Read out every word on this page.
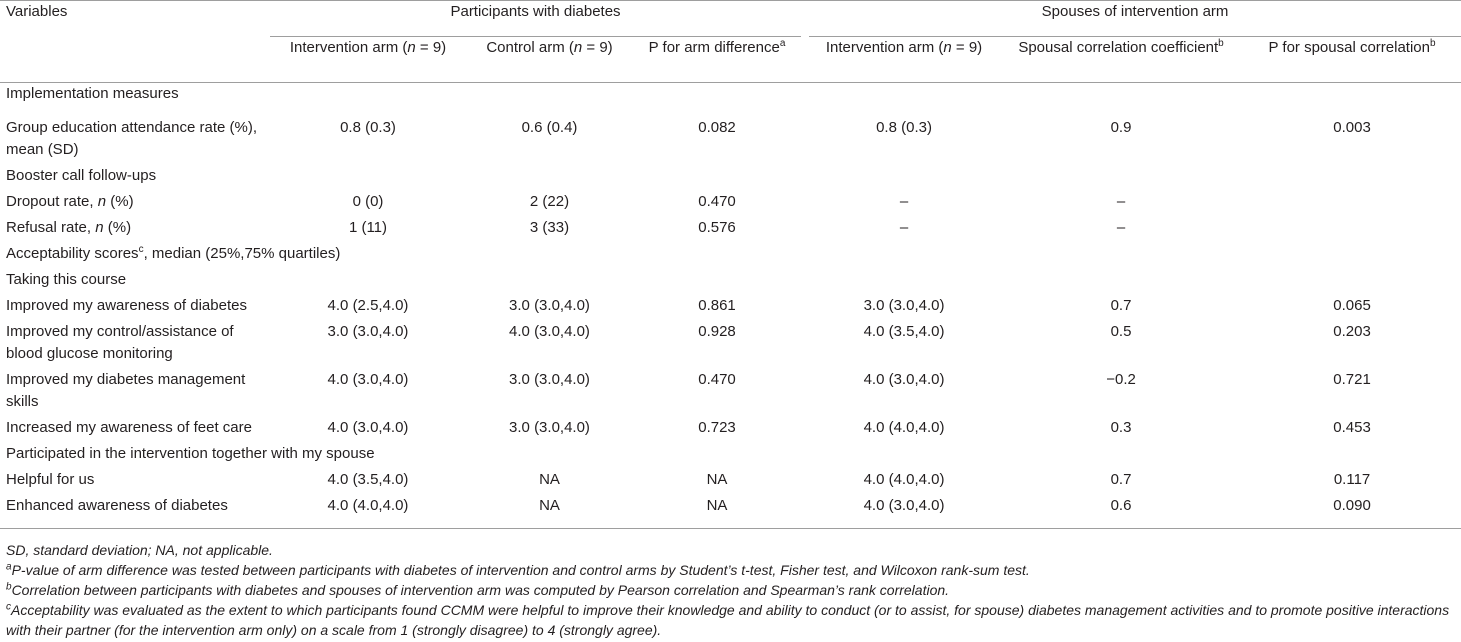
Variables	Participants with diabetes				Spouses of intervention arm		
	Intervention arm (n = 9)	Control arm (n = 9)	P for arm difference$^a$		Intervention arm (n = 9)	Spousal correlation coefficient$^b$	P for spousal correlation$^b$
Implementation measures							
Group education attendance rate (%),
mean (SD)	0.8 (0.3)	0.6 (0.4)	0.082		0.8 (0.3)	0.9	0.003
Booster call follow-ups							
Dropout rate, n (%)	0 (0)	2 (22)	0.470		–	–	
Refusal rate, n (%)	1 (11)	3 (33)	0.576		–	–	
Acceptability scores$^c$, median (25%,75% quartiles)							
Taking this course							
Improved my awareness of diabetes	4.0 (2.5,4.0)	3.0 (3.0,4.0)	0.861		3.0 (3.0,4.0)	0.7	0.065
Improved my control/assistance of
blood glucose monitoring	3.0 (3.0,4.0)	4.0 (3.0,4.0)	0.928		4.0 (3.5,4.0)	0.5	0.203
Improved my diabetes management
skills	4.0 (3.0,4.0)	3.0 (3.0,4.0)	0.470		4.0 (3.0,4.0)	−0.2	0.721
Increased my awareness of feet care	4.0 (3.0,4.0)	3.0 (3.0,4.0)	0.723		4.0 (4.0,4.0)	0.3	0.453
Participated in the intervention together with my spouse							
Helpful for us	4.0 (3.5,4.0)	NA	NA		4.0 (4.0,4.0)	0.7	0.117
Enhanced awareness of diabetes	4.0 (4.0,4.0)	NA	NA		4.0 (3.0,4.0)	0.6	0.090

SD, standard deviation; NA, not applicable.

$^a$P-value of arm difference was tested between participants with diabetes of intervention and control arms by Student’s t-test, Fisher test, and Wilcoxon rank-sum test.

$^b$Correlation between participants with diabetes and spouses of intervention arm was computed by Pearson correlation and Spearman’s rank correlation.

$^c$Acceptability was evaluated as the extent to which participants found CCMM were helpful to improve their knowledge and ability to conduct (or to assist, for spouse) diabetes management activities and to promote positive interactions with their partner (for the intervention arm only) on a scale from 1 (strongly disagree) to 4 (strongly agree).
